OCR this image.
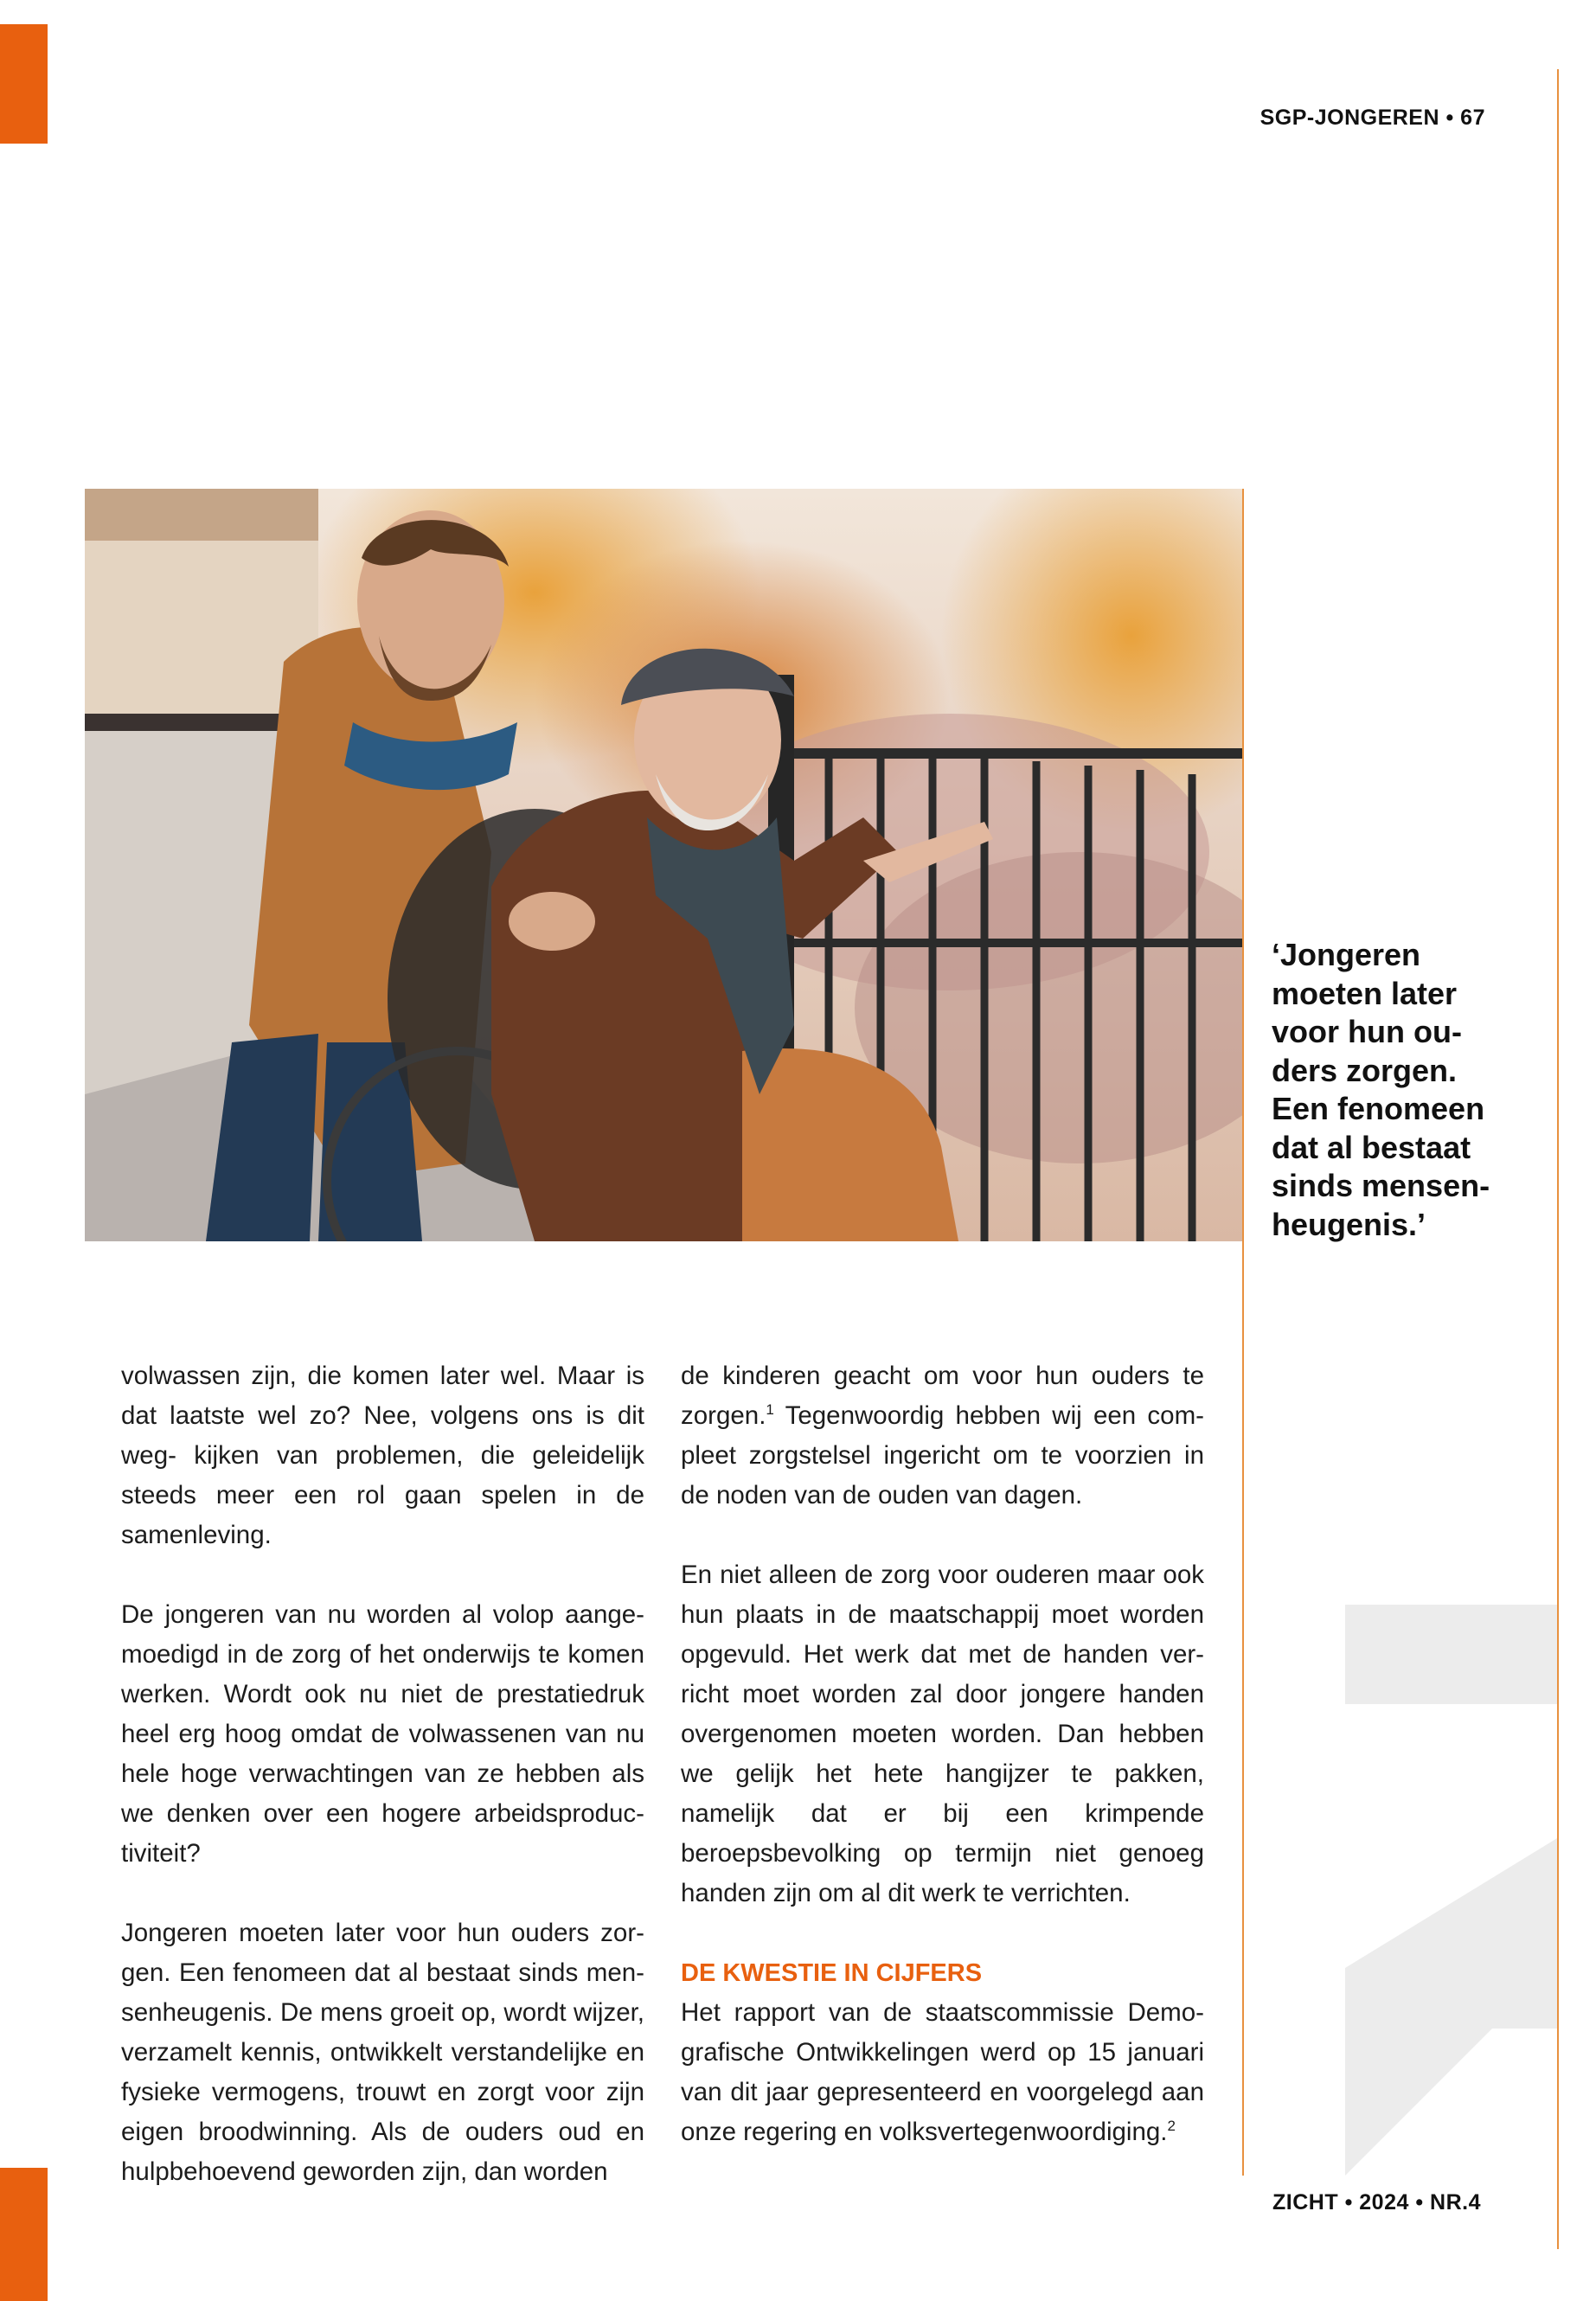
SGP-JONGEREN • 67
‘Jongeren
moeten later
voor hun ou-
ders zorgen.
Een fenomeen
dat al bestaat
sinds mensen-
heugenis.’

volwassen zijn, die komen later wel. Maar is dat laatste wel zo? Nee, volgens ons is dit weg- kijken van problemen, die geleidelijk steeds meer een rol gaan spelen in de samenleving.

De jongeren van nu worden al volop aange- moedigd in de zorg of het onderwijs te komen werken. Wordt ook nu niet de prestatiedruk heel erg hoog omdat de volwassenen van nu hele hoge verwachtingen van ze hebben als we denken over een hogere arbeidsproduc- tiviteit?

Jongeren moeten later voor hun ouders zor- gen. Een fenomeen dat al bestaat sinds men- senheugenis. De mens groeit op, wordt wijzer, verzamelt kennis, ontwikkelt verstandelijke en fysieke vermogens, trouwt en zorgt voor zijn eigen broodwinning. Als de ouders oud en hulpbehoevend geworden zijn, dan worden

de kinderen geacht om voor hun ouders te zorgen.$^1$ Tegenwoordig hebben wij een com- pleet zorgstelsel ingericht om te voorzien in de noden van de ouden van dagen.

En niet alleen de zorg voor ouderen maar ook hun plaats in de maatschappij moet worden opgevuld. Het werk dat met de handen ver- richt moet worden zal door jongere handen overgenomen moeten worden. Dan hebben we gelijk het hete hangijzer te pakken, namelijk dat er bij een krimpende beroepsbevolking op termijn niet genoeg handen zijn om al dit werk te verrichten.

DE KWESTIE IN CIJFERS

Het rapport van de staatscommissie Demo- grafische Ontwikkelingen werd op 15 januari van dit jaar gepresenteerd en voorgelegd aan onze regering en volksvertegenwoordiging.$^2$

ZICHT • 2024 • NR.4
